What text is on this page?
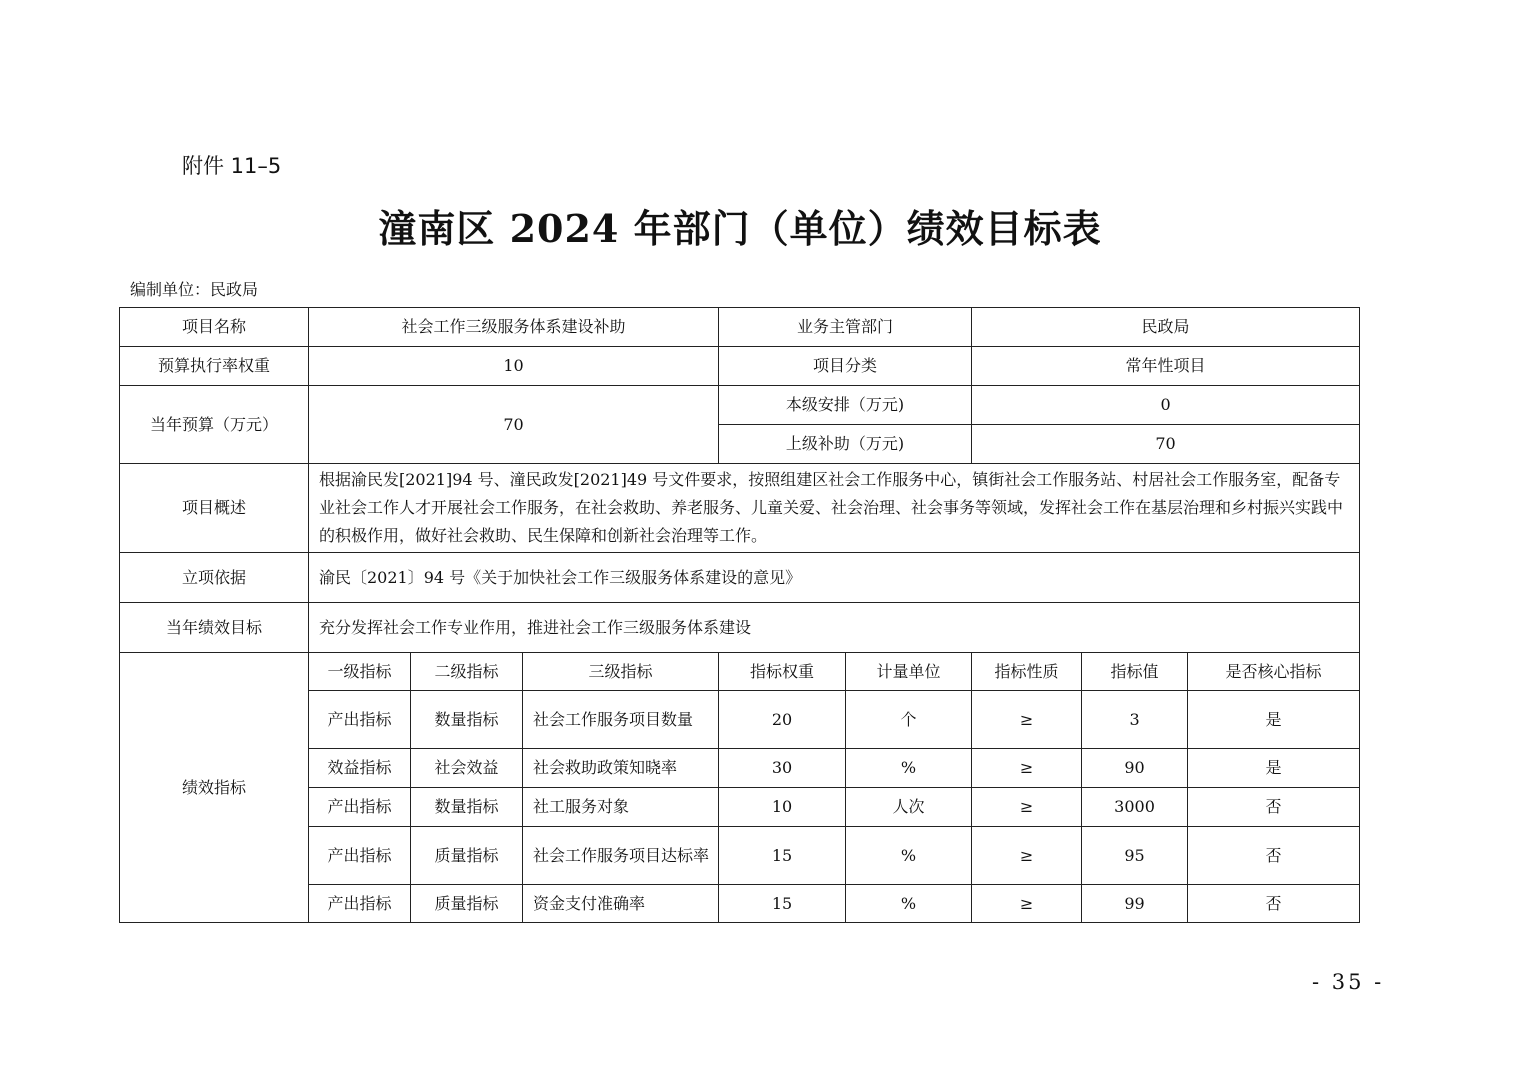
附件 11–5
潼南区 2024 年部门（单位）绩效目标表
编制单位：民政局
项目名称	社会工作三级服务体系建设补助			业务主管部门		民政局		
预算执行率权重	10			项目分类		常年性项目		
当年预算（万元）	70			本级安排（万元)		0		
				上级补助（万元)		70		
项目概述	根据渝民发[2021]94 号、潼民政发[2021]49 号文件要求，按照组建区社会工作服务中心，镇街社会工作服务站、村居社会工作服务室，配备专业社会工作人才开展社会工作服务，在社会救助、养老服务、儿童关爱、社会治理、社会事务等领域，发挥社会工作在基层治理和乡村振兴实践中的积极作用，做好社会救助、民生保障和创新社会治理等工作。							
立项依据	渝民〔2021〕94 号《关于加快社会工作三级服务体系建设的意见》							
当年绩效目标	充分发挥社会工作专业作用，推进社会工作三级服务体系建设							
绩效指标	一级指标	二级指标	三级指标	指标权重	计量单位	指标性质	指标值	是否核心指标
	产出指标	数量指标	社会工作服务项目数量	20	个	≥	3	是
	效益指标	社会效益	社会救助政策知晓率	30	%	≥	90	是
	产出指标	数量指标	社工服务对象	10	人次	≥	3000	否
	产出指标	质量指标	社会工作服务项目达标率	15	%	≥	95	否
	产出指标	质量指标	资金支付准确率	15	%	≥	99	否
- 35 -
